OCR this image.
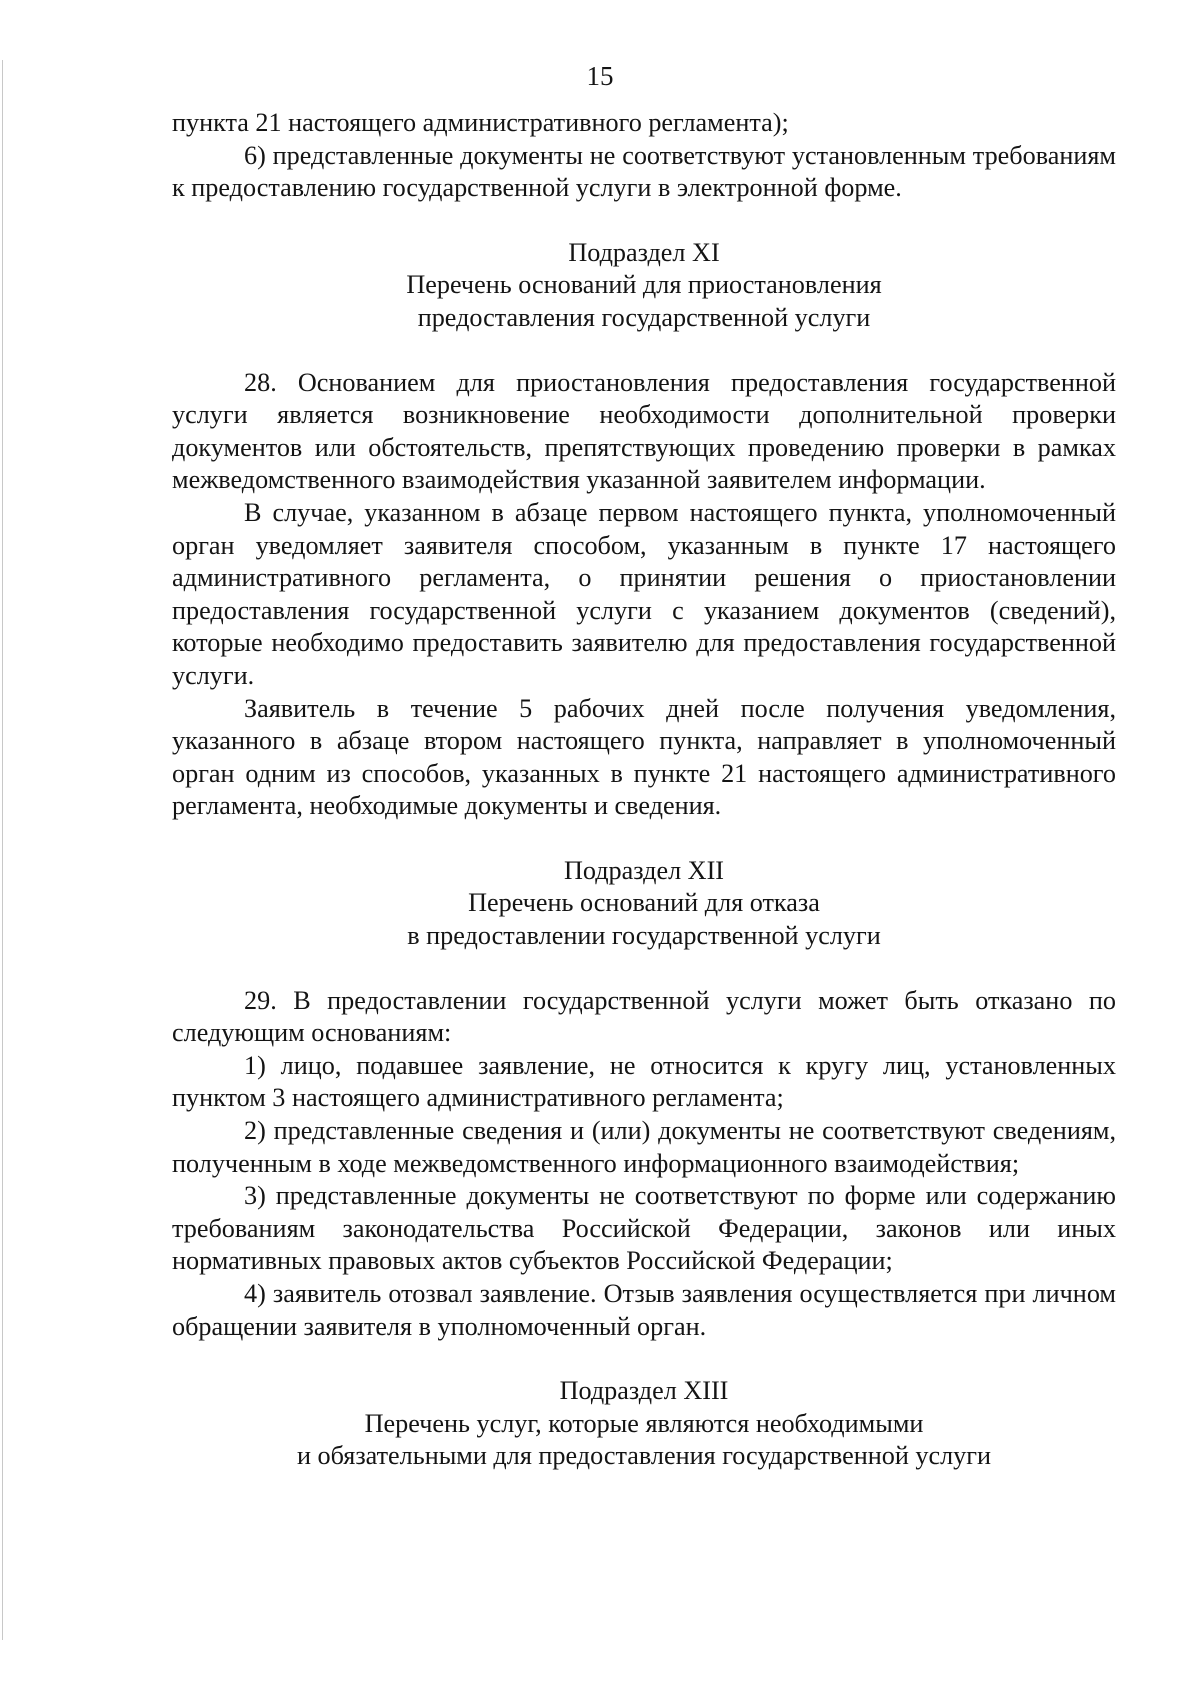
15

пункта 21 настоящего административного регламента);

6) представленные документы не соответствуют установленным требованиям к предоставлению государственной услуги в электронной форме.

Подраздел XI
Перечень оснований для приостановления
предоставления государственной услуги

28. Основанием для приостановления предоставления государственной услуги является возникновение необходимости дополнительной проверки документов или обстоятельств, препятствующих проведению проверки в рамках межведомственного взаимодействия указанной заявителем информации.

В случае, указанном в абзаце первом настоящего пункта, уполномоченный орган уведомляет заявителя способом, указанным в пункте 17 настоящего административного регламента, о принятии решения о приостановлении предоставления государственной услуги с указанием документов (сведений), которые необходимо предоставить заявителю для предоставления государственной услуги.

Заявитель в течение 5 рабочих дней после получения уведомления, указанного в абзаце втором настоящего пункта, направляет в уполномоченный орган одним из способов, указанных в пункте 21 настоящего административного регламента, необходимые документы и сведения.

Подраздел XII
Перечень оснований для отказа
в предоставлении государственной услуги

29. В предоставлении государственной услуги может быть отказано по следующим основаниям:

1) лицо, подавшее заявление, не относится к кругу лиц, установленных пунктом 3 настоящего административного регламента;

2) представленные сведения и (или) документы не соответствуют сведениям, полученным в ходе межведомственного информационного взаимодействия;

3) представленные документы не соответствуют по форме или содержанию требованиям законодательства Российской Федерации, законов или иных нормативных правовых актов субъектов Российской Федерации;

4) заявитель отозвал заявление. Отзыв заявления осуществляется при личном обращении заявителя в уполномоченный орган.

Подраздел XIII
Перечень услуг, которые являются необходимыми
и обязательными для предоставления государственной услуги
